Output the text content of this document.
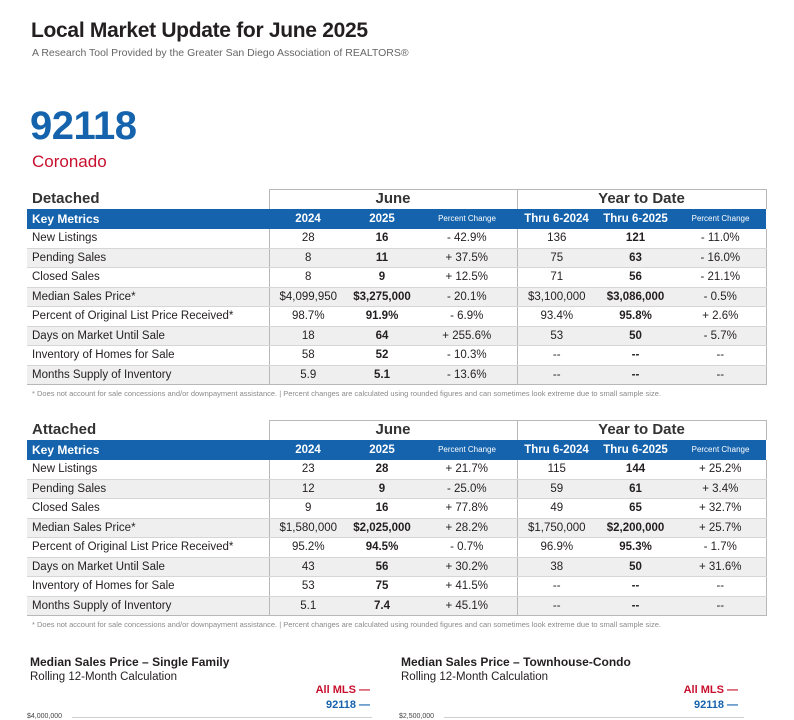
Local Market Update for June 2025
A Research Tool Provided by the Greater San Diego Association of REALTORS®
92118
Coronado
Detached	June			Year to Date		
Key Metrics	2024	2025	Percent Change	Thru 6-2024	Thru 6-2025	Percent Change
New Listings	28	16	- 42.9%	136	121	- 11.0%
Pending Sales	8	11	+ 37.5%	75	63	- 16.0%
Closed Sales	8	9	+ 12.5%	71	56	- 21.1%
Median Sales Price*	$4,099,950	$3,275,000	- 20.1%	$3,100,000	$3,086,000	- 0.5%
Percent of Original List Price Received*	98.7%	91.9%	- 6.9%	93.4%	95.8%	+ 2.6%
Days on Market Until Sale	18	64	+ 255.6%	53	50	- 5.7%
Inventory of Homes for Sale	58	52	- 10.3%	--	--	--
Months Supply of Inventory	5.9	5.1	- 13.6%	--	--	--
* Does not account for sale concessions and/or downpayment assistance. | Percent changes are calculated using rounded figures and can sometimes look extreme due to small sample size.
Attached	June			Year to Date		
Key Metrics	2024	2025	Percent Change	Thru 6-2024	Thru 6-2025	Percent Change
New Listings	23	28	+ 21.7%	115	144	+ 25.2%
Pending Sales	12	9	- 25.0%	59	61	+ 3.4%
Closed Sales	9	16	+ 77.8%	49	65	+ 32.7%
Median Sales Price*	$1,580,000	$2,025,000	+ 28.2%	$1,750,000	$2,200,000	+ 25.7%
Percent of Original List Price Received*	95.2%	94.5%	- 0.7%	96.9%	95.3%	- 1.7%
Days on Market Until Sale	43	56	+ 30.2%	38	50	+ 31.6%
Inventory of Homes for Sale	53	75	+ 41.5%	--	--	--
Months Supply of Inventory	5.1	7.4	+ 45.1%	--	--	--
* Does not account for sale concessions and/or downpayment assistance. | Percent changes are calculated using rounded figures and can sometimes look extreme due to small sample size.
Median Sales Price – Single Family
Rolling 12-Month Calculation
All MLS —
92118 —
$4,000,000
Median Sales Price – Townhouse-Condo
Rolling 12-Month Calculation
All MLS —
92118 —
$2,500,000
